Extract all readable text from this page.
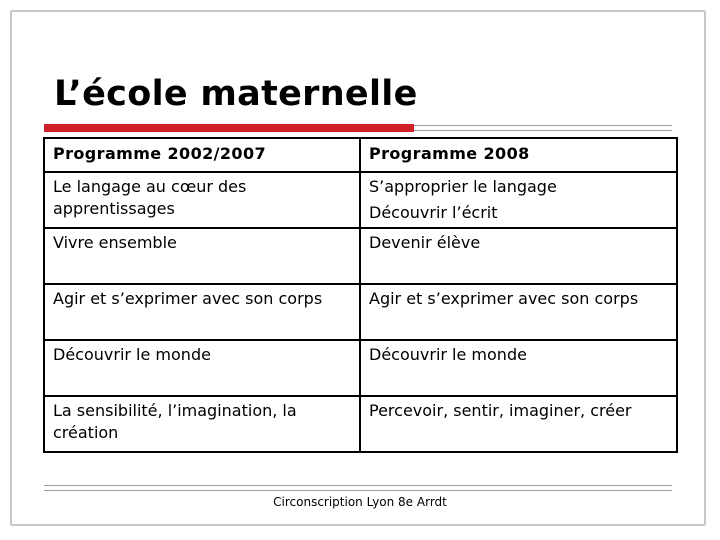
L’école maternelle
Programme 2002/2007	Programme 2008

Le langage au cœur des apprentissages	S’approprier le langage
Découvrir l’écrit

Vivre ensemble	Devenir élève

Agir et s’exprimer avec son corps	Agir et s’exprimer avec son corps

Découvrir le monde	Découvrir le monde

La sensibilité, l’imagination, la création	Percevoir, sentir, imaginer, créer
Circonscription Lyon 8e Arrdt
